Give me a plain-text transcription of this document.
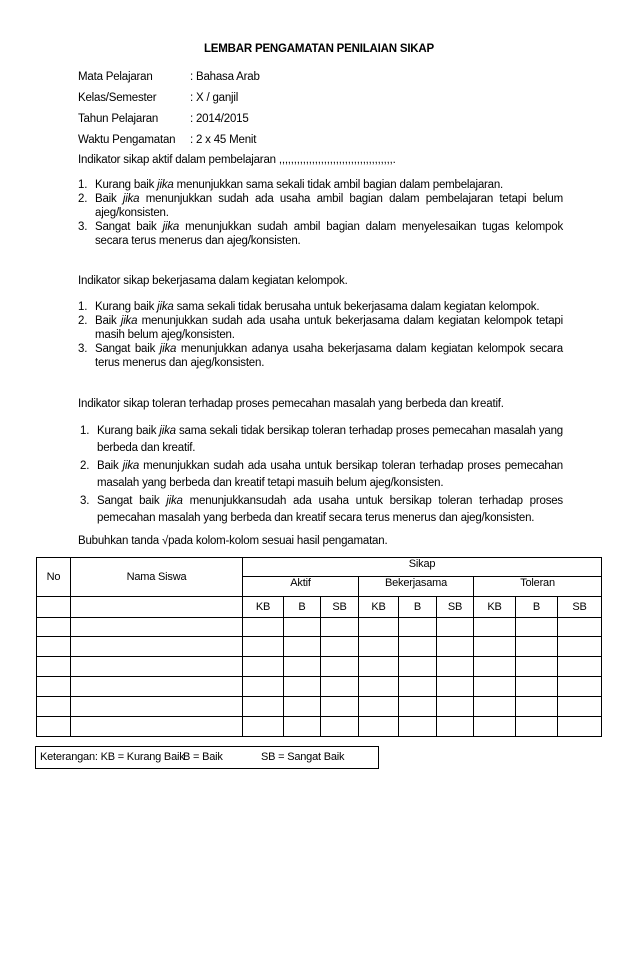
LEMBAR PENGAMATAN PENILAIAN SIKAP
Mata Pelajaran	: Bahasa Arab
Kelas/Semester	: X / ganjil
Tahun Pelajaran	: 2014/2015
Waktu Pengamatan : 2 x 45 Menit
Indikator sikap aktif dalam pembelajaran ,,,,,,,,,,,,,,,,,,,,,,,,,,,,,,,,,,,,,,.
1. Kurang baik jika menunjukkan sama sekali tidak ambil bagian dalam pembelajaran.
2. Baik jika menunjukkan sudah ada usaha ambil bagian dalam pembelajaran tetapi belum ajeg/konsisten.
3. Sangat baik jika menunjukkan sudah ambil bagian dalam menyelesaikan tugas kelompok secara terus menerus dan ajeg/konsisten.
Indikator sikap bekerjasama dalam kegiatan kelompok.
1. Kurang baik jika sama sekali tidak berusaha untuk bekerjasama dalam kegiatan kelompok.
2. Baik jika menunjukkan sudah ada usaha untuk bekerjasama dalam kegiatan kelompok tetapi masih belum ajeg/konsisten.
3. Sangat baik jika menunjukkan adanya usaha bekerjasama dalam kegiatan kelompok secara terus menerus dan ajeg/konsisten.
Indikator sikap toleran terhadap proses pemecahan masalah yang berbeda dan kreatif.
1. Kurang baik jika sama sekali tidak bersikap toleran terhadap proses pemecahan masalah yang berbeda dan kreatif.
2. Baik jika menunjukkan sudah ada usaha untuk bersikap toleran terhadap proses pemecahan masalah yang berbeda dan kreatif tetapi masuih belum ajeg/konsisten.
3. Sangat baik jika menunjukkansudah ada usaha untuk bersikap toleran terhadap proses pemecahan masalah yang berbeda dan kreatif secara terus menerus dan ajeg/konsisten.
Bubuhkan tanda √pada kolom-kolom sesuai hasil pengamatan.
No	Nama Siswa	Sikap								
		Aktif			Bekerjasama			Toleran		
		KB	B	SB	KB	B	SB	KB	B	SB

Keterangan: KB = Kurang BaikB = Baik	SB = Sangat Baik
